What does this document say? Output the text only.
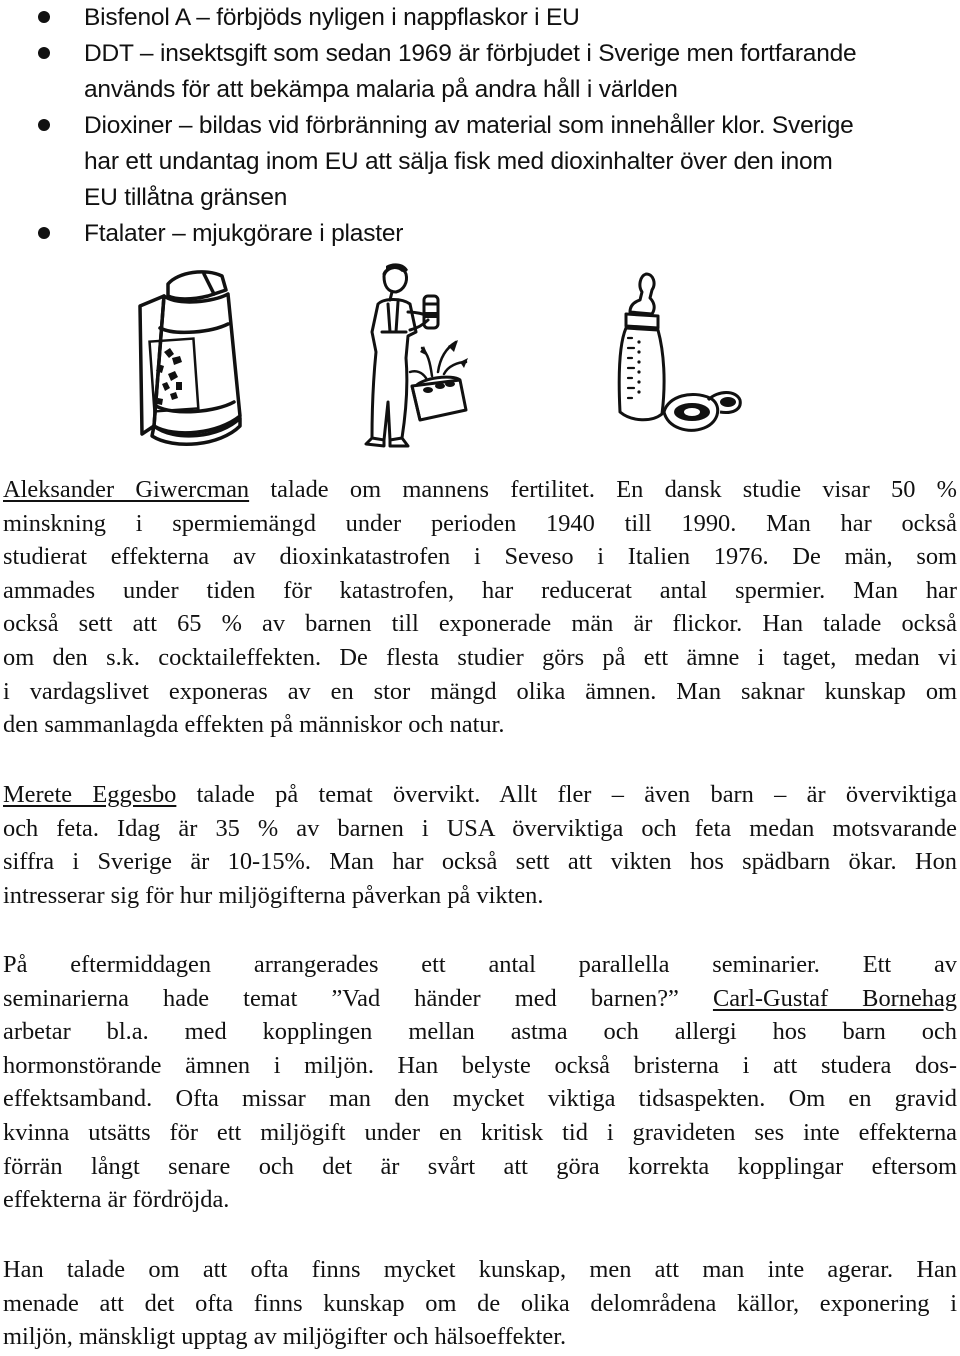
Bisfenol A – förbjöds nyligen i nappflaskor i EU
DDT – insektsgift som sedan 1969 är förbjudet i Sverige men fortfarande
används för att bekämpa malaria på andra håll i världen
Dioxiner – bildas vid förbränning av material som innehåller klor. Sverige
har ett undantag inom EU att sälja fisk med dioxinhalter över den inom
EU tillåtna gränsen
Ftalater – mjukgörare i plaster

Aleksander Giwercman talade om mannens fertilitet. En dansk studie visar 50 %
minskning i spermiemängd under perioden 1940 till 1990. Man har också
studierat effekterna av dioxinkatastrofen i Seveso i Italien 1976. De män, som
ammades under tiden för katastrofen, har reducerat antal spermier. Man har
också sett att 65 % av barnen till exponerade män är flickor. Han talade också
om den s.k. cocktaileffekten. De flesta studier görs på ett ämne i taget, medan vi
i vardagslivet exponeras av en stor mängd olika ämnen. Man saknar kunskap om
den sammanlagda effekten på människor och natur.

Merete Eggesbo talade på temat övervikt. Allt fler – även barn – är överviktiga
och feta. Idag är 35 % av barnen i USA överviktiga och feta medan motsvarande
siffra i Sverige är 10-15%. Man har också sett att vikten hos spädbarn ökar. Hon
intresserar sig för hur miljögifterna påverkan på vikten.

På eftermiddagen arrangerades ett antal parallella seminarier. Ett av
seminarierna hade temat ”Vad händer med barnen?” Carl-Gustaf Bornehag
arbetar bl.a. med kopplingen mellan astma och allergi hos barn och
hormonstörande ämnen i miljön. Han belyste också bristerna i att studera dos-
effektsamband. Ofta missar man den mycket viktiga tidsaspekten. Om en gravid
kvinna utsätts för ett miljögift under en kritisk tid i gravideten ses inte effekterna
förrän långt senare och det är svårt att göra korrekta kopplingar eftersom
effekterna är fördröjda.

Han talade om att ofta finns mycket kunskap, men att man inte agerar. Han
menade att det ofta finns kunskap om de olika delområdena källor, exponering i
miljön, mänskligt upptag av miljögifter och hälsoeffekter.
